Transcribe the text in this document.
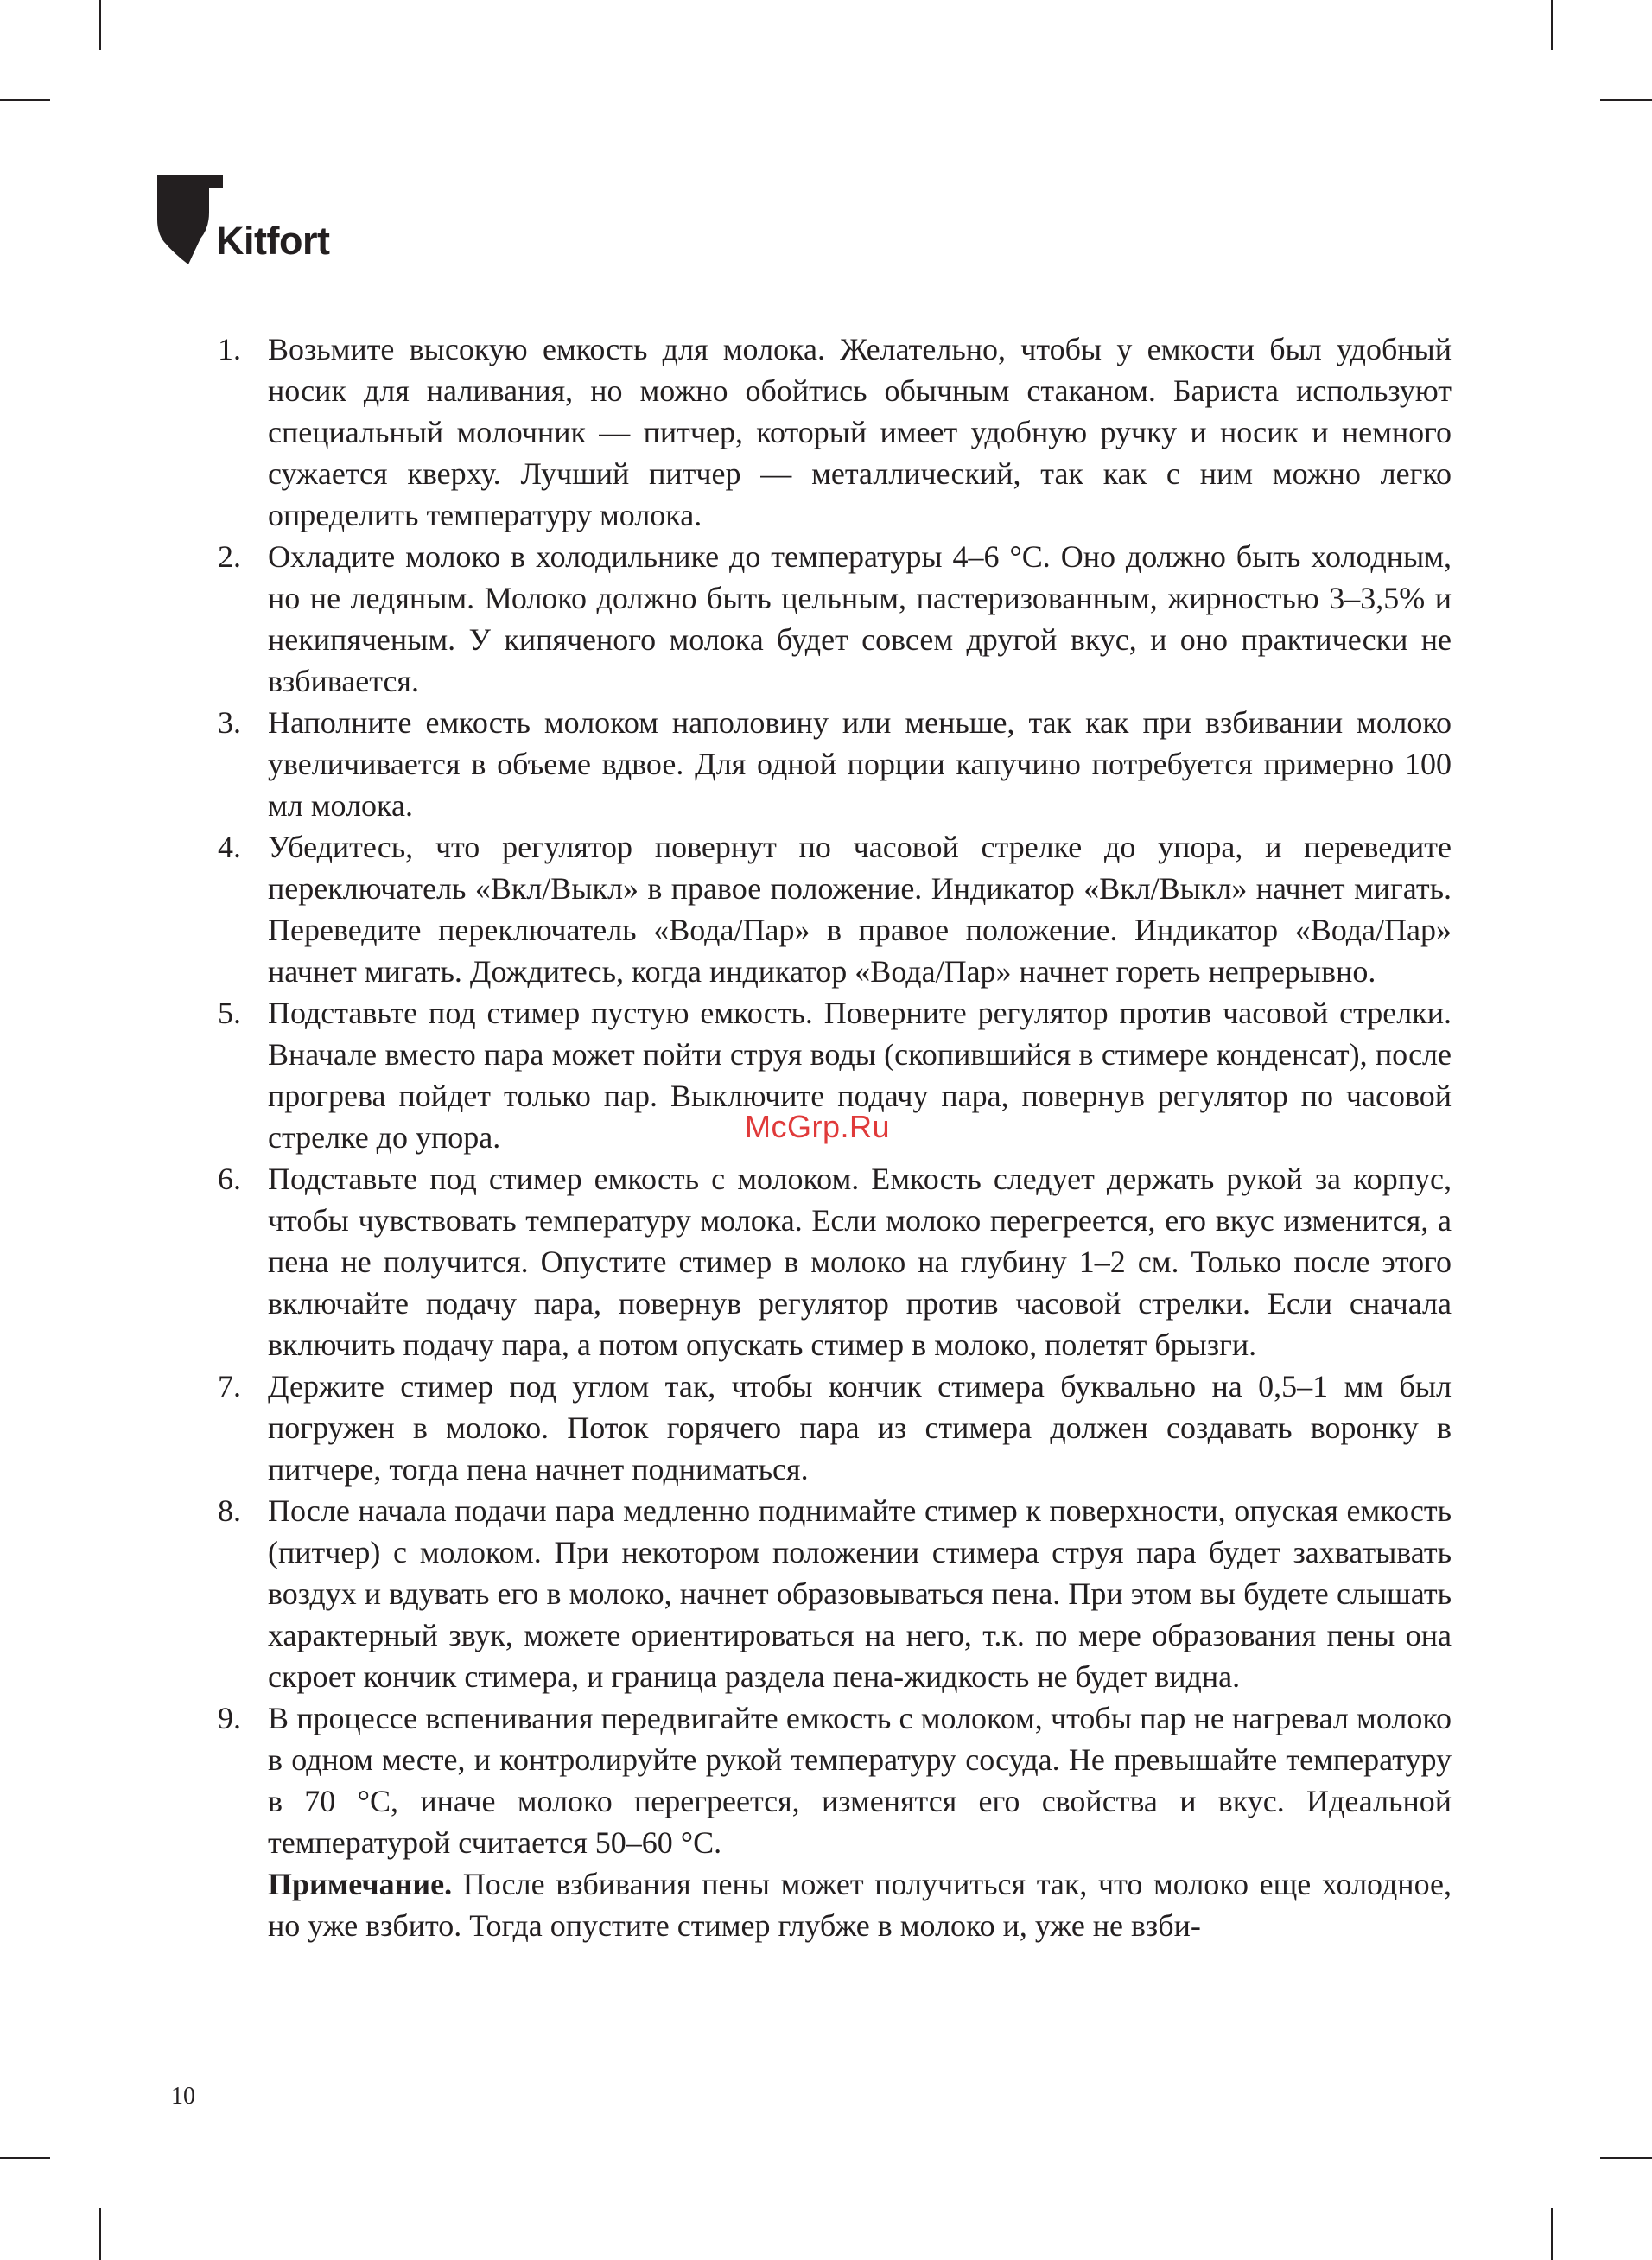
Kitfort
1. Возьмите высокую емкость для молока. Желательно, чтобы у емкости был удобный носик для наливания, но можно обойтись обычным стаканом. Бариста используют специальный молочник — питчер, который имеет удобную ручку и носик и немного сужается кверху. Лучший питчер — металлический, так как с ним можно легко определить температуру молока.
2. Охладите молоко в холодильнике до температуры 4–6 °С. Оно должно быть холодным, но не ледяным. Молоко должно быть цельным, пастеризованным, жирностью 3–3,5% и некипяченым. У кипяченого молока будет совсем другой вкус, и оно практически не взбивается.
3. Наполните емкость молоком наполовину или меньше, так как при взбивании молоко увеличивается в объеме вдвое. Для одной порции капучино потребуется примерно 100 мл молока.
4. Убедитесь, что регулятор повернут по часовой стрелке до упора, и переведите переключатель «Вкл/Выкл» в правое положение. Индикатор «Вкл/Выкл» начнет мигать. Переведите переключатель «Вода/Пар» в правое положение. Индикатор «Вода/Пар» начнет мигать. Дождитесь, когда индикатор «Вода/Пар» начнет гореть непрерывно.
5. Подставьте под стимер пустую емкость. Поверните регулятор против часовой стрелки. Вначале вместо пара может пойти струя воды (скопившийся в стимере конденсат), после прогрева пойдет только пар. Выключите подачу пара, повернув регулятор по часовой стрелке до упора.
6. Подставьте под стимер емкость с молоком. Емкость следует держать рукой за корпус, чтобы чувствовать температуру молока. Если молоко перегреется, его вкус изменится, а пена не получится. Опустите стимер в молоко на глубину 1–2 см. Только после этого включайте подачу пара, повернув регулятор против часовой стрелки. Если сначала включить подачу пара, а потом опускать стимер в молоко, полетят брызги.
7. Держите стимер под углом так, чтобы кончик стимера буквально на 0,5–1 мм был погружен в молоко. Поток горячего пара из стимера должен создавать воронку в питчере, тогда пена начнет подниматься.
8. После начала подачи пара медленно поднимайте стимер к поверхности, опуская емкость (питчер) с молоком. При некотором положении стимера струя пара будет захватывать воздух и вдувать его в молоко, начнет образовываться пена. При этом вы будете слышать характерный звук, можете ориентироваться на него, т.к. по мере образования пены она скроет кончик стимера, и граница раздела пена-жидкость не будет видна.
9. В процессе вспенивания передвигайте емкость с молоком, чтобы пар не нагревал молоко в одном месте, и контролируйте рукой температуру сосуда. Не превышайте температуру в 70 °С, иначе молоко перегреется, изменятся его свойства и вкус. Идеальной температурой считается 50–60 °С.
Примечание. После взбивания пены может получиться так, что молоко еще холодное, но уже взбито. Тогда опустите стимер глубже в молоко и, уже не взби-
McGrp.Ru
10
